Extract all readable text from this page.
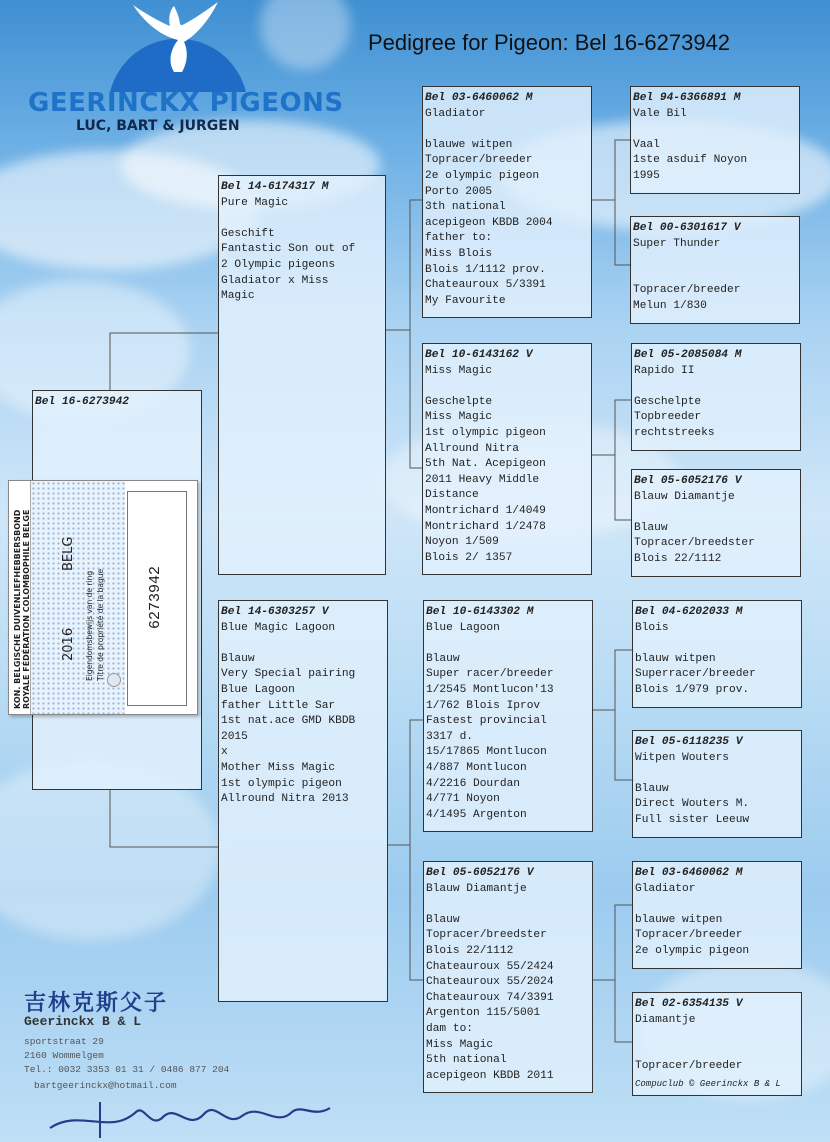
GEERINCKX PIGEONS
LUC, BART & JURGEN
Pedigree for Pigeon: Bel 16-6273942
Bel 16-6273942
Bel 14-6174317 M
Pure Magic
Geschift
Fantastic Son out of
2 Olympic pigeons
Gladiator x Miss
Magic
Bel 14-6303257 V
Blue Magic Lagoon
Blauw
Very Special pairing
Blue Lagoon
father Little Sar
1st nat.ace GMD KBDB
2015
x
Mother Miss Magic
1st olympic pigeon
Allround Nitra 2013
Bel 03-6460062 M
Gladiator
blauwe witpen
Topracer/breeder
2e olympic pigeon
Porto 2005
3th national
acepigeon KBDB 2004
father to:
Miss Blois
Blois 1/1112 prov.
Chateauroux 5/3391
My Favourite
Bel 10-6143162 V
Miss Magic
Geschelpte
Miss Magic
1st olympic pigeon
Allround Nitra
5th Nat. Acepigeon
2011 Heavy Middle
Distance
Montrichard 1/4049
Montrichard 1/2478
Noyon 1/509
Blois 2/ 1357
Bel 10-6143302 M
Blue Lagoon
Blauw
Super racer/breeder
1/2545 Montlucon'13
1/762 Blois Iprov
Fastest provincial
3317 d.
15/17865 Montlucon
4/887 Montlucon
4/2216 Dourdan
4/771 Noyon
4/1495 Argenton
Bel 05-6052176 V
Blauw Diamantje
Blauw
Topracer/breedster
Blois 22/1112
Chateauroux 55/2424
Chateauroux 55/2024
Chateauroux 74/3391
Argenton 115/5001
dam to:
Miss Magic
5th national
acepigeon KBDB 2011
Bel 94-6366891 M
Vale Bil
Vaal
1ste asduif Noyon
1995
Bel 00-6301617 V
Super Thunder

Topracer/breeder
Melun 1/830
Bel 05-2085084 M
Rapido II
Geschelpte
Topbreeder
rechtstreeks
Bel 05-6052176 V
Blauw Diamantje
Blauw
Topracer/breedster
Blois 22/1112
Bel 04-6202033 M
Blois
blauw witpen
Superracer/breeder
Blois 1/979 prov.
Bel 05-6118235 V
Witpen Wouters
Blauw
Direct Wouters M.
Full sister Leeuw
Bel 03-6460062 M
Gladiator
blauwe witpen
Topracer/breeder
2e olympic pigeon
Bel 02-6354135 V
Diamantje

Topracer/breeder
Compuclub © Geerinckx B & L
KON. BELGISCHE DUIVENLIEFHEBBERSBOND ROYALE FÉDÉRATION COLOMBOPHILE BELGE 2016
BELG
Eigendomsbewijs van de ring Titre de propriété de la bague	6273942
吉林克斯父子
Geerinckx B & L
sportstraat 29
2160 Wommelgem
Tel.: 0032 3353 01 31 / 0486 877 204
bartgeerinckx@hotmail.com
